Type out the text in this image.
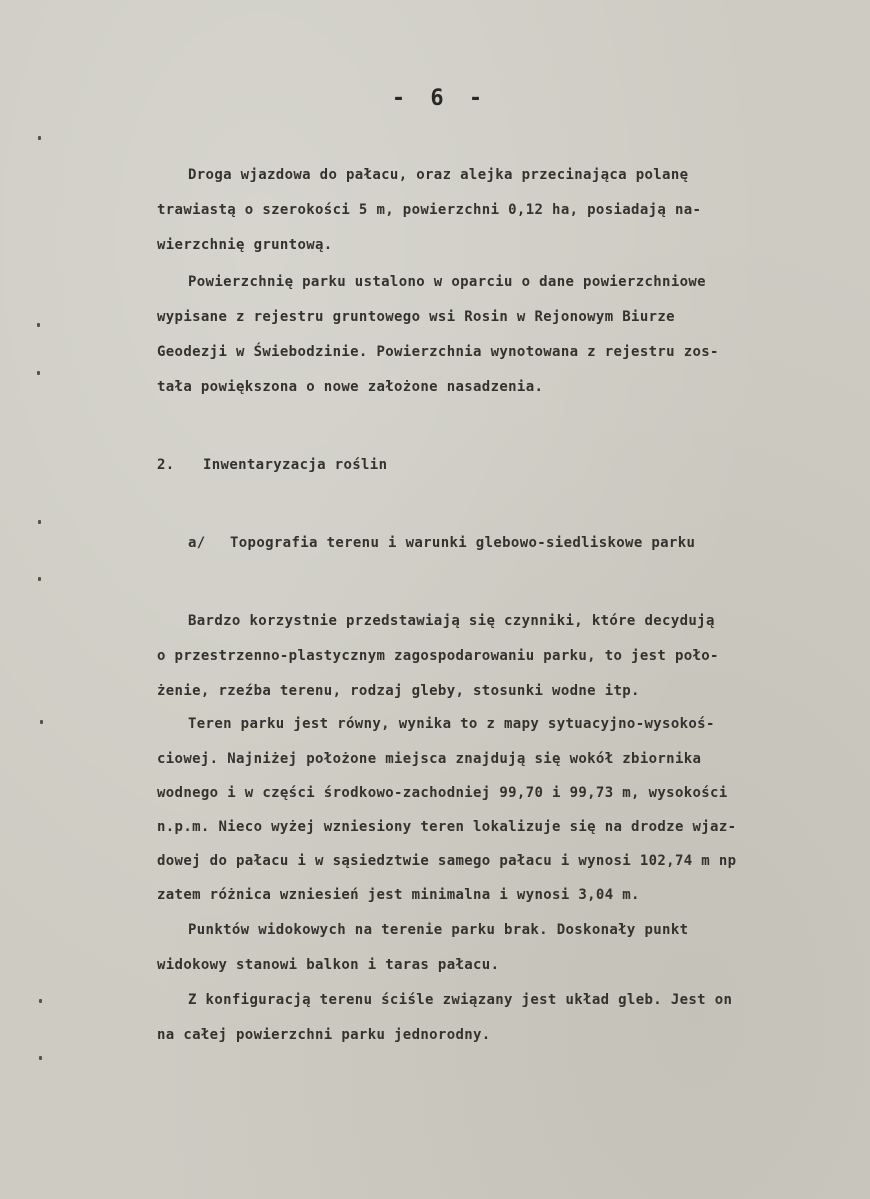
- 6 -
Droga wjazdowa do pałacu, oraz alejka przecinająca polanę
trawiastą o szerokości 5 m, powierzchni 0,12 ha, posiadają na-
wierzchnię gruntową.
Powierzchnię parku ustalono w oparciu o dane powierzchniowe
wypisane z rejestru gruntowego wsi Rosin w Rejonowym Biurze
Geodezji w Świebodzinie. Powierzchnia wynotowana z rejestru zos-
tała powiększona o nowe założone nasadzenia.
2. Inwentaryzacja roślin
a/ Topografia terenu i warunki glebowo-siedliskowe parku
Bardzo korzystnie przedstawiają się czynniki, które decydują
o przestrzenno-plastycznym zagospodarowaniu parku, to jest poło-
żenie, rzeźba terenu, rodzaj gleby, stosunki wodne itp.
Teren parku jest równy, wynika to z mapy sytuacyjno-wysokoś-
ciowej. Najniżej położone miejsca znajdują się wokół zbiornika
wodnego i w części środkowo-zachodniej 99,70 i 99,73 m, wysokości
n.p.m. Nieco wyżej wzniesiony teren lokalizuje się na drodze wjaz-
dowej do pałacu i w sąsiedztwie samego pałacu i wynosi 102,74 m np
zatem różnica wzniesień jest minimalna i wynosi 3,04 m.
Punktów widokowych na terenie parku brak. Doskonały punkt
widokowy stanowi balkon i taras pałacu.
Z konfiguracją terenu ściśle związany jest układ gleb. Jest on
na całej powierzchni parku jednorodny.
